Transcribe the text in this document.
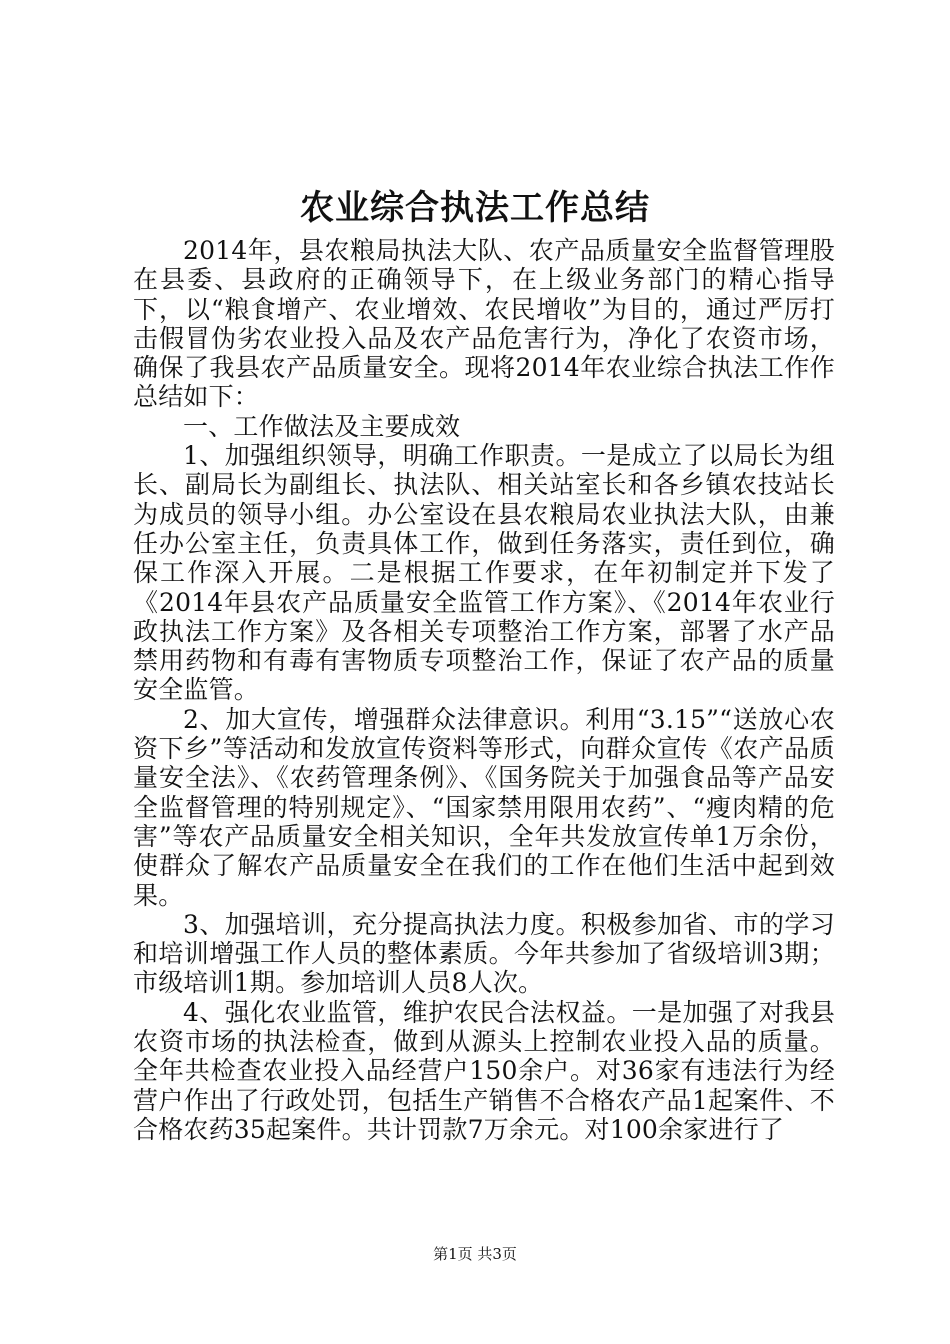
农业综合执法工作总结

2014年，县农粮局执法大队、农产品质量安全监督管理股在县委、县政府的正确领导下，在上级业务部门的精心指导下，以“粮食增产、农业增效、农民增收”为目的，通过严厉打击假冒伪劣农业投入品及农产品危害行为，净化了农资市场，确保了我县农产品质量安全。现将2014年农业综合执法工作作总结如下：

一、工作做法及主要成效

1、加强组织领导，明确工作职责。一是成立了以局长为组长、副局长为副组长、执法队、相关站室长和各乡镇农技站长为成员的领导小组。办公室设在县农粮局农业执法大队，由兼任办公室主任，负责具体工作，做到任务落实，责任到位，确保工作深入开展。二是根据工作要求，在年初制定并下发了《2014年县农产品质量安全监管工作方案》、《2014年农业行政执法工作方案》及各相关专项整治工作方案，部署了水产品禁用药物和有毒有害物质专项整治工作，保证了农产品的质量安全监管。

2、加大宣传，增强群众法律意识。利用“3.15”“送放心农资下乡”等活动和发放宣传资料等形式，向群众宣传《农产品质量安全法》、《农药管理条例》、《国务院关于加强食品等产品安全监督管理的特别规定》、“国家禁用限用农药”、“瘦肉精的危害”等农产品质量安全相关知识，全年共发放宣传单1万余份，使群众了解农产品质量安全在我们的工作在他们生活中起到效果。

3、加强培训，充分提高执法力度。积极参加省、市的学习和培训增强工作人员的整体素质。今年共参加了省级培训3期；市级培训1期。参加培训人员8人次。

4、强化农业监管，维护农民合法权益。一是加强了对我县农资市场的执法检查，做到从源头上控制农业投入品的质量。全年共检查农业投入品经营户150余户。对36家有违法行为经营户作出了行政处罚，包括生产销售不合格农产品1起案件、不合格农药35起案件。共计罚款7万余元。对100余家进行了

第1页 共3页
